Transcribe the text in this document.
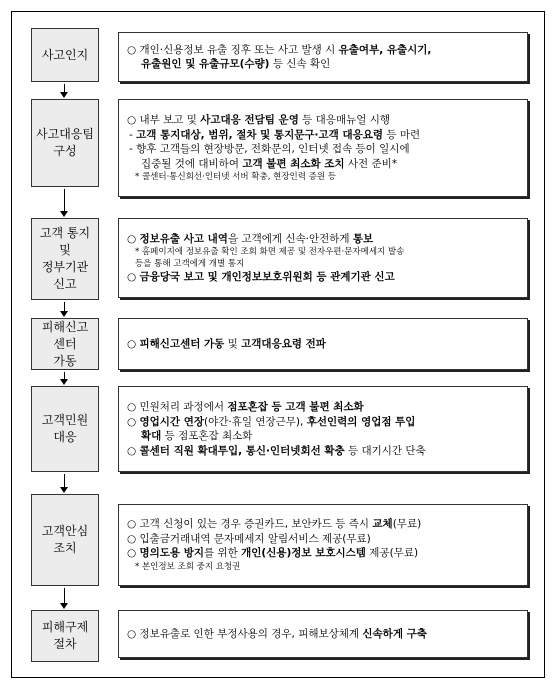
사고인지	○ 개인·신용정보 유출 징후 또는 사고 발생 시 유출여부, 유출시기,
유출원인 및 유출규모(수량) 등 신속 확인
사고대응팀
구성
○ 내부 보고 및 사고대응 전담팀 운영 등 대응매뉴얼 시행
- 고객 통지대상, 범위, 절차 및 통지문구·고객 대응요령 등 마련
- 향후 고객들의 현장방문, 전화문의, 인터넷 접속 등이 일시에
집중될 것에 대비하여 고객 불편 최소화 조치 사전 준비*
* 콜센터·통신회선·인터넷 서버 확충, 현장인력 증원 등
고객 통지
및
정부기관
신고
○ 정보유출 사고 내역을 고객에게 신속·안전하게 통보
* 홈페이지에 정보유출 확인 조회 화면 제공 및 전자우편·문자메세지 발송
등을 통해 고객에게 개별 통지
○ 금융당국 보고 및 개인정보보호위원회 등 관계기관 신고
피해신고
센터
가동
○ 피해신고센터 가동 및 고객대응요령 전파
고객민원
대응
○ 민원처리 과정에서 점포혼잡 등 고객 불편 최소화
○ 영업시간 연장(야간·휴일 연장근무), 후선인력의 영업점 투입
확대 등 점포혼잡 최소화
○ 콜센터 직원 확대투입, 통신·인터넷회선 확충 등 대기시간 단축
고객안심
조치
○ 고객 신청이 있는 경우 증권카드, 보안카드 등 즉시 교체(무료)
○ 입출금거래내역 문자메세지 알림서비스 제공(무료)
○ 명의도용 방지를 위한 개인(신용)정보 보호시스템 제공(무료)
* 본인정보 조회 중지 요청권
피해구제
절차
○ 정보유출로 인한 부정사용의 경우, 피해보상체계 신속하게 구축
